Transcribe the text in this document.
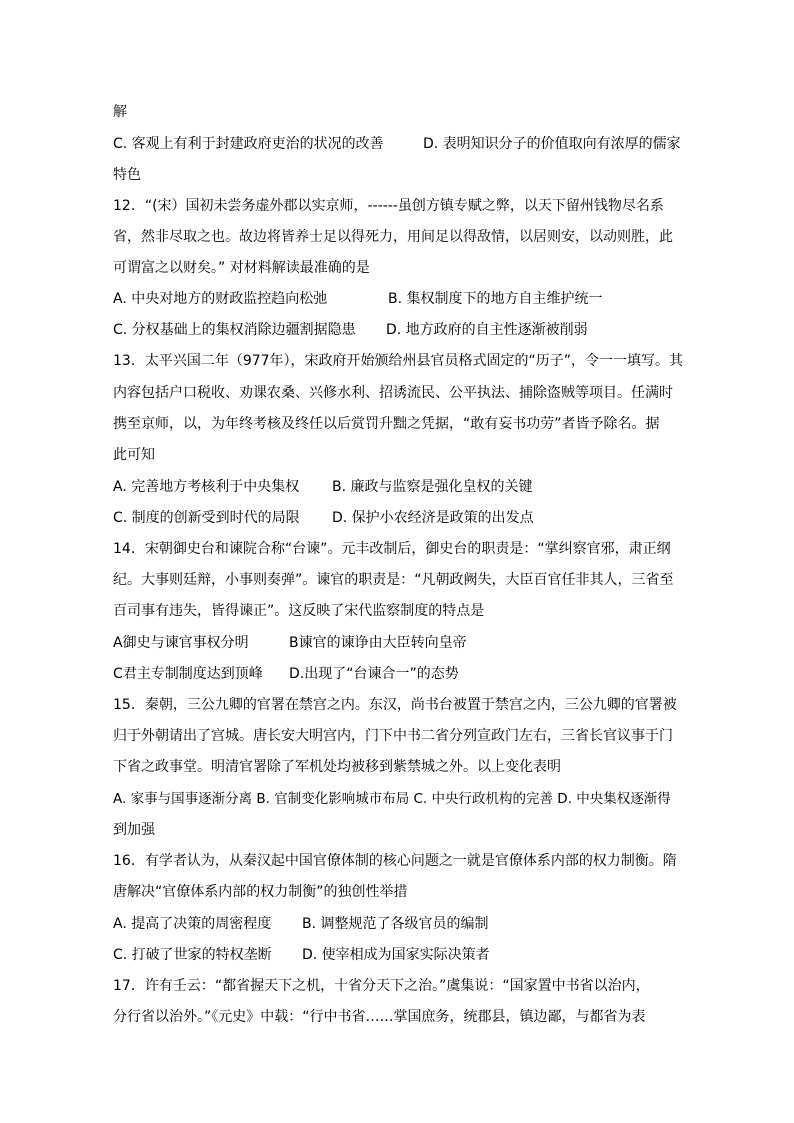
解
C. 客观上有利于封建政府吏治的状况的改善	D. 表明知识分子的价值取向有浓厚的儒家
特色
12．“(宋）国初未尝务虚外郡以实京师，------虽创方镇专赋之弊，以天下留州钱物尽名系
省，然非尽取之也。故边将皆养士足以得死力，用间足以得敌情，以居则安，以动则胜，此
可谓富之以财矣。” 对材料解读最准确的是
A. 中央对地方的财政监控趋向松弛	B. 集权制度下的地方自主维护统一
C. 分权基础上的集权消除边疆割据隐患 D. 地方政府的自主性逐渐被削弱
13．太平兴国二年（977年），宋政府开始颁给州县官员格式固定的“历子”，令一一填写。其
内容包括户口税收、劝课农桑、兴修水利、招诱流民、公平执法、捕除盗贼等项目。任满时
携至京师，以，为年终考核及终任以后赏罚升黜之凭据，“敢有妄书功劳”者皆予除名。据
此可知
A. 完善地方考核利于中央集权 B. 廉政与监察是强化皇权的关键
C. 制度的创新受到时代的局限 D. 保护小农经济是政策的出发点
14．宋朝御史台和谏院合称“台谏”。元丰改制后，御史台的职责是：“掌纠察官邪，肃正纲
纪。大事则廷辩，小事则奏弹”。谏官的职责是：“凡朝政阙失，大臣百官任非其人，三省至
百司事有违失，皆得谏正”。这反映了宋代监察制度的特点是
A御史与谏官事权分明	B谏官的谏诤由大臣转向皇帝
C君主专制制度达到顶峰 D.出现了“台谏合一”的态势
15．秦朝，三公九卿的官署在禁宫之内。东汉，尚书台被置于禁宫之内，三公九卿的官署被
归于外朝请出了宫城。唐长安大明宫内，门下中书二省分列宣政门左右，三省长官议事于门
下省之政事堂。明清官署除了军机处均被移到紫禁城之外。以上变化表明
A. 家事与国事逐渐分离 B. 官制变化影响城市布局 C. 中央行政机构的完善 D. 中央集权逐渐得
到加强
16．有学者认为，从秦汉起中国官僚体制的核心问题之一就是官僚体系内部的权力制衡。隋
唐解决“官僚体系内部的权力制衡”的独创性举措
A. 提高了决策的周密程度 B. 调整规范了各级官员的编制
C. 打破了世家的特权垄断 D. 使宰相成为国家实际决策者
17．许有壬云：“都省握天下之机，十省分天下之治。”虞集说：“国家置中书省以治内，
分行省以治外。”《元史》中载：“行中书省……掌国庶务，统郡县，镇边鄙，与都省为表
